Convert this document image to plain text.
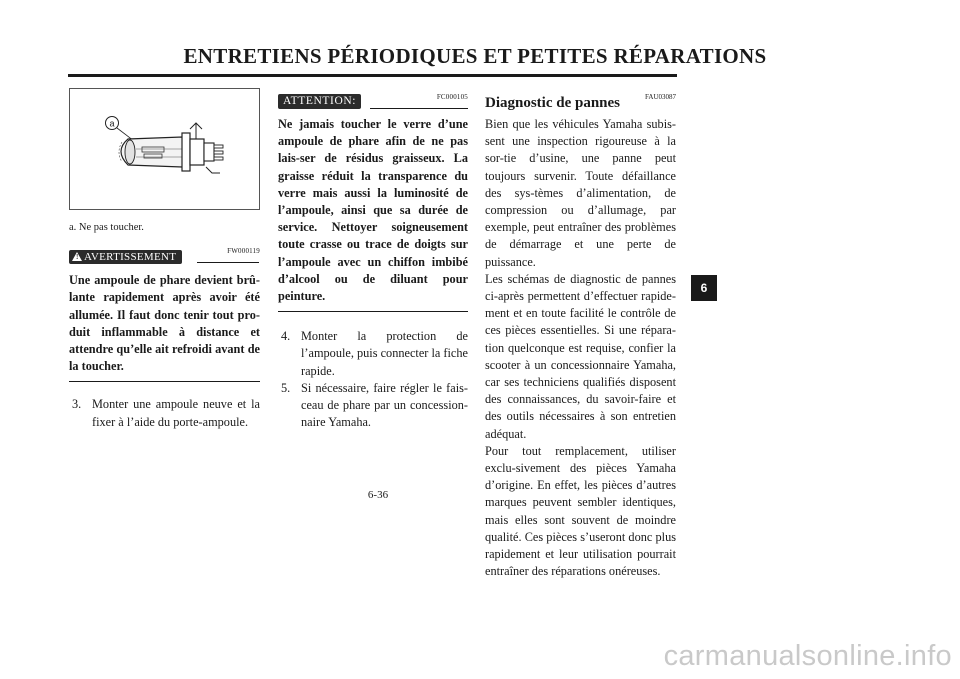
ENTRETIENS PÉRIODIQUES ET PETITES RÉPARATIONS
a
a. Ne pas toucher.
FW000119
! AVERTISSEMENT
Une ampoule de phare devient brû-lante rapidement après avoir été allumée. Il faut donc tenir tout pro-duit inflammable à distance et attendre qu’elle ait refroidi avant de la toucher.
3. Monter une ampoule neuve et la fixer à l’aide du porte-ampoule.
FC000105
ATTENTION:
Ne jamais toucher le verre d’une ampoule de phare afin de ne pas lais-ser de résidus graisseux. La graisse réduit la transparence du verre mais aussi la luminosité de l’ampoule, ainsi que sa durée de service. Nettoyer soigneusement toute crasse ou trace de doigts sur l’ampoule avec un chiffon imbibé d’alcool ou de diluant pour peinture.
4. Monter la protection de l’ampoule, puis connecter la fiche rapide.
5. Si nécessaire, faire régler le fais-ceau de phare par un concession-naire Yamaha.
FAU03087
Diagnostic de pannes

Bien que les véhicules Yamaha subis-sent une inspection rigoureuse à la sor-tie d’usine, une panne peut toujours survenir. Toute défaillance des sys-tèmes d’alimentation, de compression ou d’allumage, par exemple, peut entraîner des problèmes de démarrage et une perte de puissance.

Les schémas de diagnostic de pannes ci-après permettent d’effectuer rapide-ment et en toute facilité le contrôle de ces pièces essentielles. Si une répara-tion quelconque est requise, confier la scooter à un concessionnaire Yamaha, car ses techniciens qualifiés disposent des connaissances, du savoir-faire et des outils nécessaires à son entretien adéquat.

Pour tout remplacement, utiliser exclu-sivement des pièces Yamaha d’origine. En effet, les pièces d’autres marques peuvent sembler identiques, mais elles sont souvent de moindre qualité. Ces pièces s’useront donc plus rapidement et leur utilisation pourrait entraîner des réparations onéreuses.

6-36
6
carmanualsonline.info
